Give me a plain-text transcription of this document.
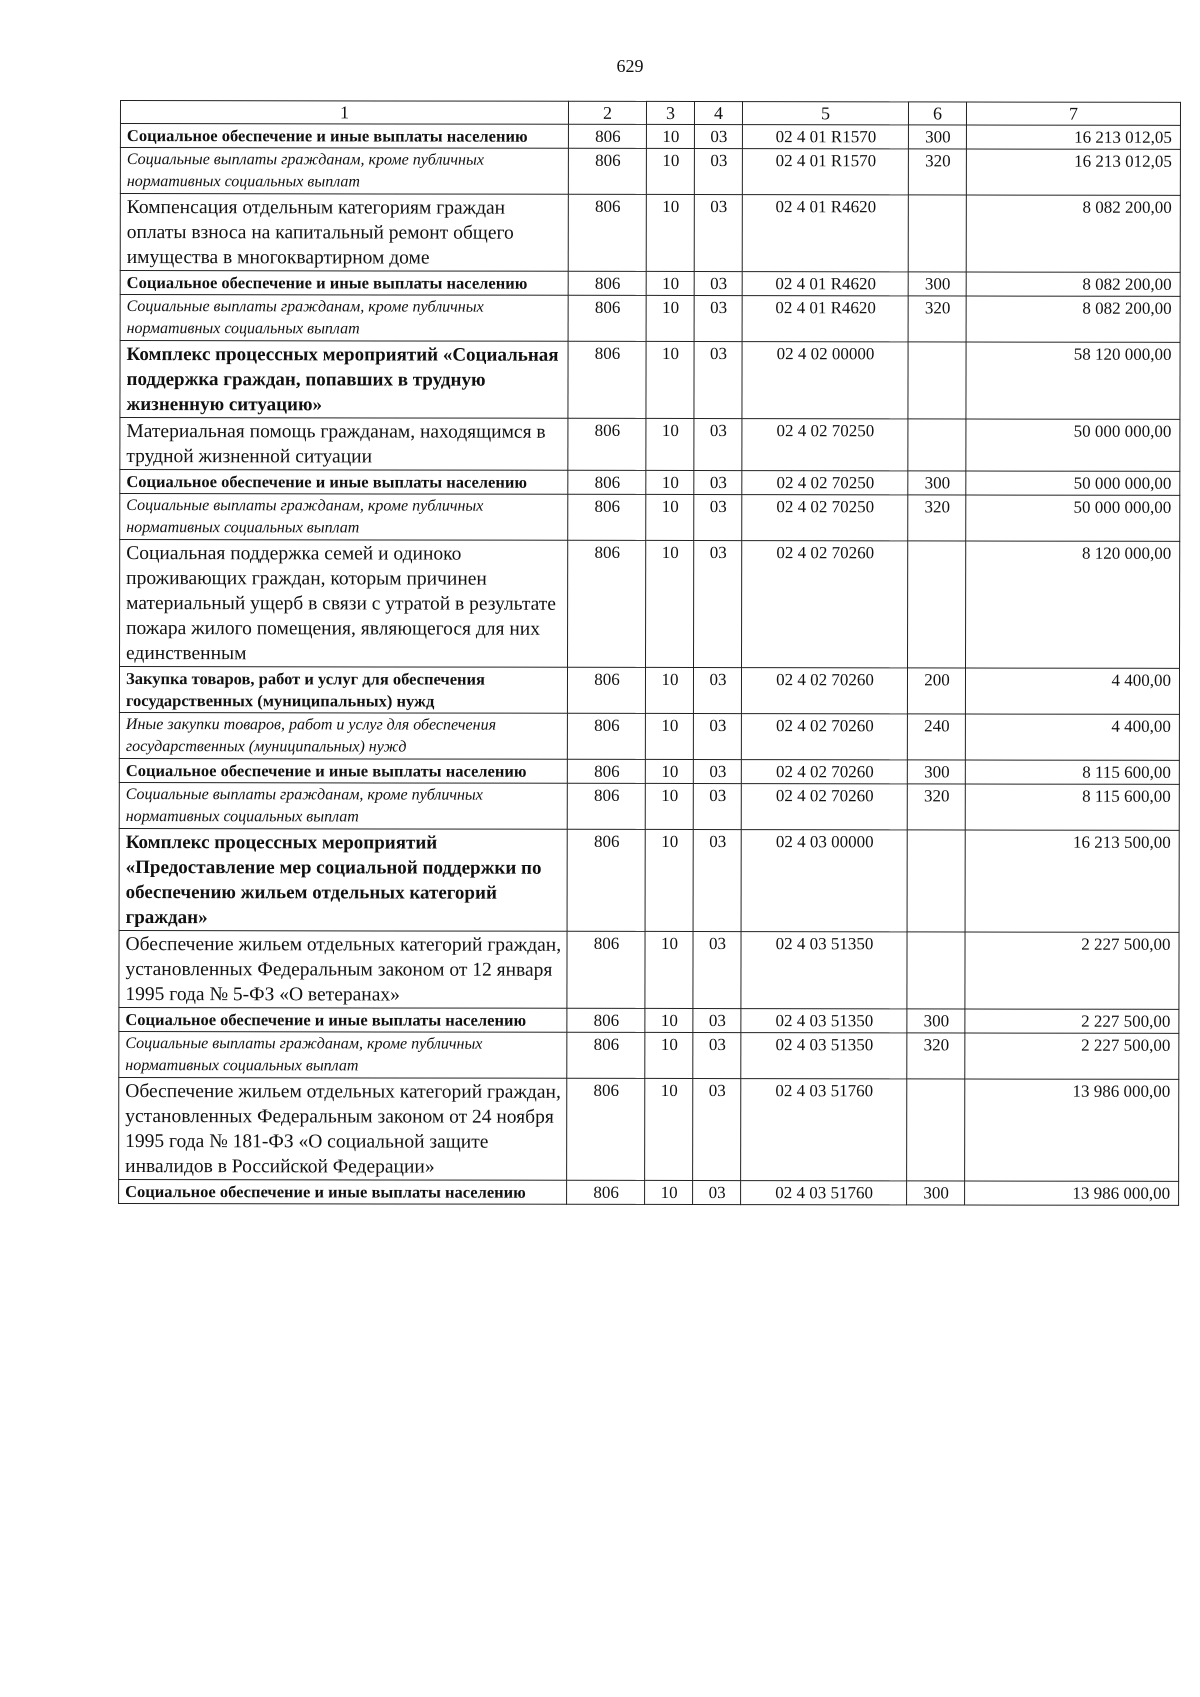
629
1	2	3	4	5	6	7
Социальное обеспечение и иные выплаты населению	806	10	03	02 4 01 R1570	300	16 213 012,05
Социальные выплаты гражданам, кроме публичных нормативных социальных выплат	806	10	03	02 4 01 R1570	320	16 213 012,05
Компенсация отдельным категориям граждан оплаты взноса на капитальный ремонт общего имущества в многоквартирном доме	806	10	03	02 4 01 R4620		8 082 200,00
Социальное обеспечение и иные выплаты населению	806	10	03	02 4 01 R4620	300	8 082 200,00
Социальные выплаты гражданам, кроме публичных нормативных социальных выплат	806	10	03	02 4 01 R4620	320	8 082 200,00
Комплекс процессных мероприятий «Социальная поддержка граждан, попавших в трудную жизненную ситуацию»	806	10	03	02 4 02 00000		58 120 000,00
Материальная помощь гражданам, находящимся в трудной жизненной ситуации	806	10	03	02 4 02 70250		50 000 000,00
Социальное обеспечение и иные выплаты населению	806	10	03	02 4 02 70250	300	50 000 000,00
Социальные выплаты гражданам, кроме публичных нормативных социальных выплат	806	10	03	02 4 02 70250	320	50 000 000,00
Социальная поддержка семей и одиноко проживающих граждан, которым причинен материальный ущерб в связи с утратой в результате пожара жилого помещения, являющегося для них единственным	806	10	03	02 4 02 70260		8 120 000,00
Закупка товаров, работ и услуг для обеспечения государственных (муниципальных) нужд	806	10	03	02 4 02 70260	200	4 400,00
Иные закупки товаров, работ и услуг для обеспечения государственных (муниципальных) нужд	806	10	03	02 4 02 70260	240	4 400,00
Социальное обеспечение и иные выплаты населению	806	10	03	02 4 02 70260	300	8 115 600,00
Социальные выплаты гражданам, кроме публичных нормативных социальных выплат	806	10	03	02 4 02 70260	320	8 115 600,00
Комплекс процессных мероприятий «Предоставление мер социальной поддержки по обеспечению жильем отдельных категорий граждан»	806	10	03	02 4 03 00000		16 213 500,00
Обеспечение жильем отдельных категорий граждан, установленных Федеральным законом от 12 января 1995 года № 5-ФЗ «О ветеранах»	806	10	03	02 4 03 51350		2 227 500,00
Социальное обеспечение и иные выплаты населению	806	10	03	02 4 03 51350	300	2 227 500,00
Социальные выплаты гражданам, кроме публичных нормативных социальных выплат	806	10	03	02 4 03 51350	320	2 227 500,00
Обеспечение жильем отдельных категорий граждан, установленных Федеральным законом от 24 ноября 1995 года № 181-ФЗ «О социальной защите инвалидов в Российской Федерации»	806	10	03	02 4 03 51760		13 986 000,00
Социальное обеспечение и иные выплаты населению	806	10	03	02 4 03 51760	300	13 986 000,00
